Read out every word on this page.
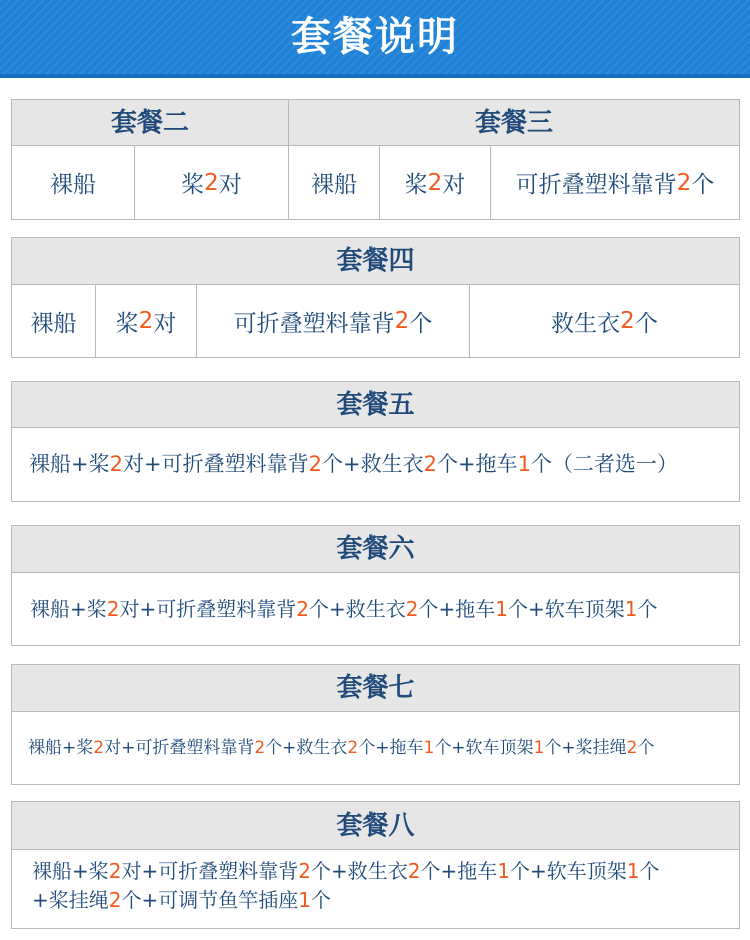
套餐说明
套餐二
裸船	桨 2 对
套餐三
裸船	桨 2 对 可折叠塑料靠背 2 个
套餐四
裸船	桨 2 对 可折叠塑料靠背 2 个	救生衣 2 个
套餐五
裸船+桨2对+可折叠塑料靠背2个+救生衣2个+拖车1个（二者选一）
套餐六
裸船+桨2对+可折叠塑料靠背2个+救生衣2个+拖车1个+软车顶架1个
套餐七
裸船+桨2对+可折叠塑料靠背2个+救生衣2个+拖车1个+软车顶架1个+桨挂绳2个
套餐八
裸船+桨2对+可折叠塑料靠背2个+救生衣2个+拖车1个+软车顶架1个
+桨挂绳2个+可调节鱼竿插座1个
